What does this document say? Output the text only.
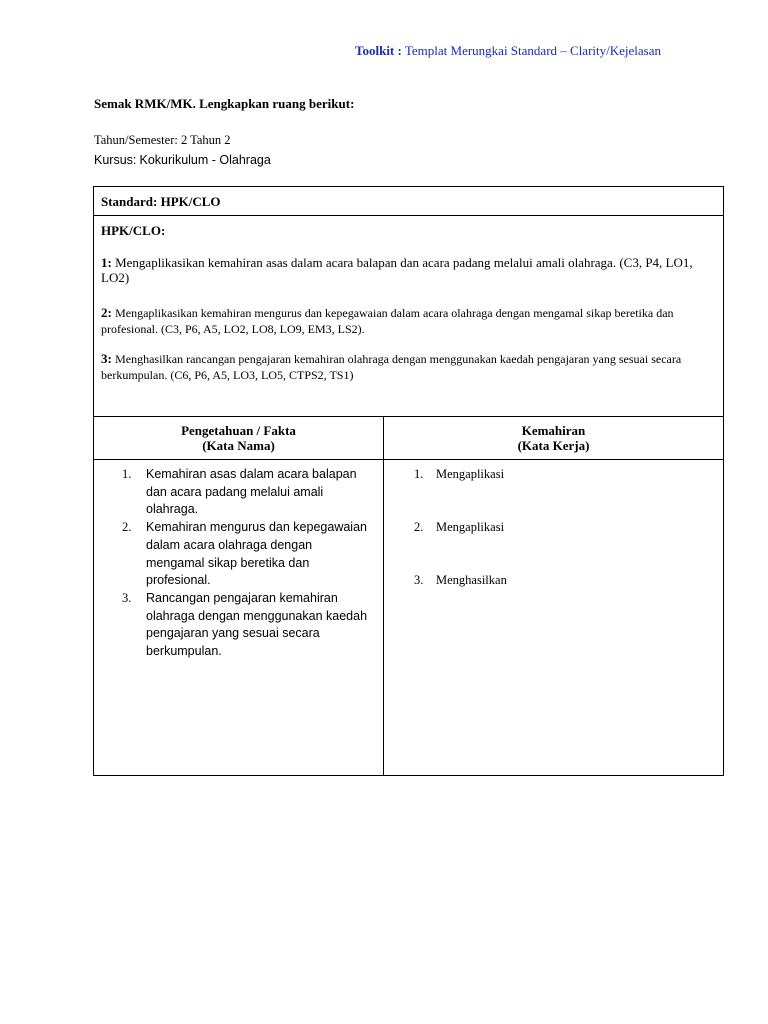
Toolkit : Templat Merungkai Standard – Clarity/Kejelasan
Semak RMK/MK. Lengkapkan ruang berikut:
Tahun/Semester: 2 Tahun 2
Kursus: Kokurikulum - Olahraga
Standard: HPK/CLO
HPK/CLO:
1: Mengaplikasikan kemahiran asas dalam acara balapan dan acara padang melalui amali olahraga. (C3, P4, LO1, LO2)
2: Mengaplikasikan kemahiran mengurus dan kepegawaian dalam acara olahraga dengan mengamal sikap beretika dan profesional. (C3, P6, A5, LO2, LO8, LO9, EM3, LS2).
3: Menghasilkan rancangan pengajaran kemahiran olahraga dengan menggunakan kaedah pengajaran yang sesuai secara berkumpulan. (C6, P6, A5, LO3, LO5, CTPS2, TS1)
Pengetahuan / Fakta
(Kata Nama)
1. Kemahiran asas dalam acara balapan dan acara padang melalui amali olahraga.
2. Kemahiran mengurus dan kepegawaian dalam acara olahraga dengan mengamal sikap beretika dan profesional.
3. Rancangan pengajaran kemahiran olahraga dengan menggunakan kaedah pengajaran yang sesuai secara berkumpulan.
Kemahiran
(Kata Kerja)
1. Mengaplikasi
2. Mengaplikasi
3. Menghasilkan
